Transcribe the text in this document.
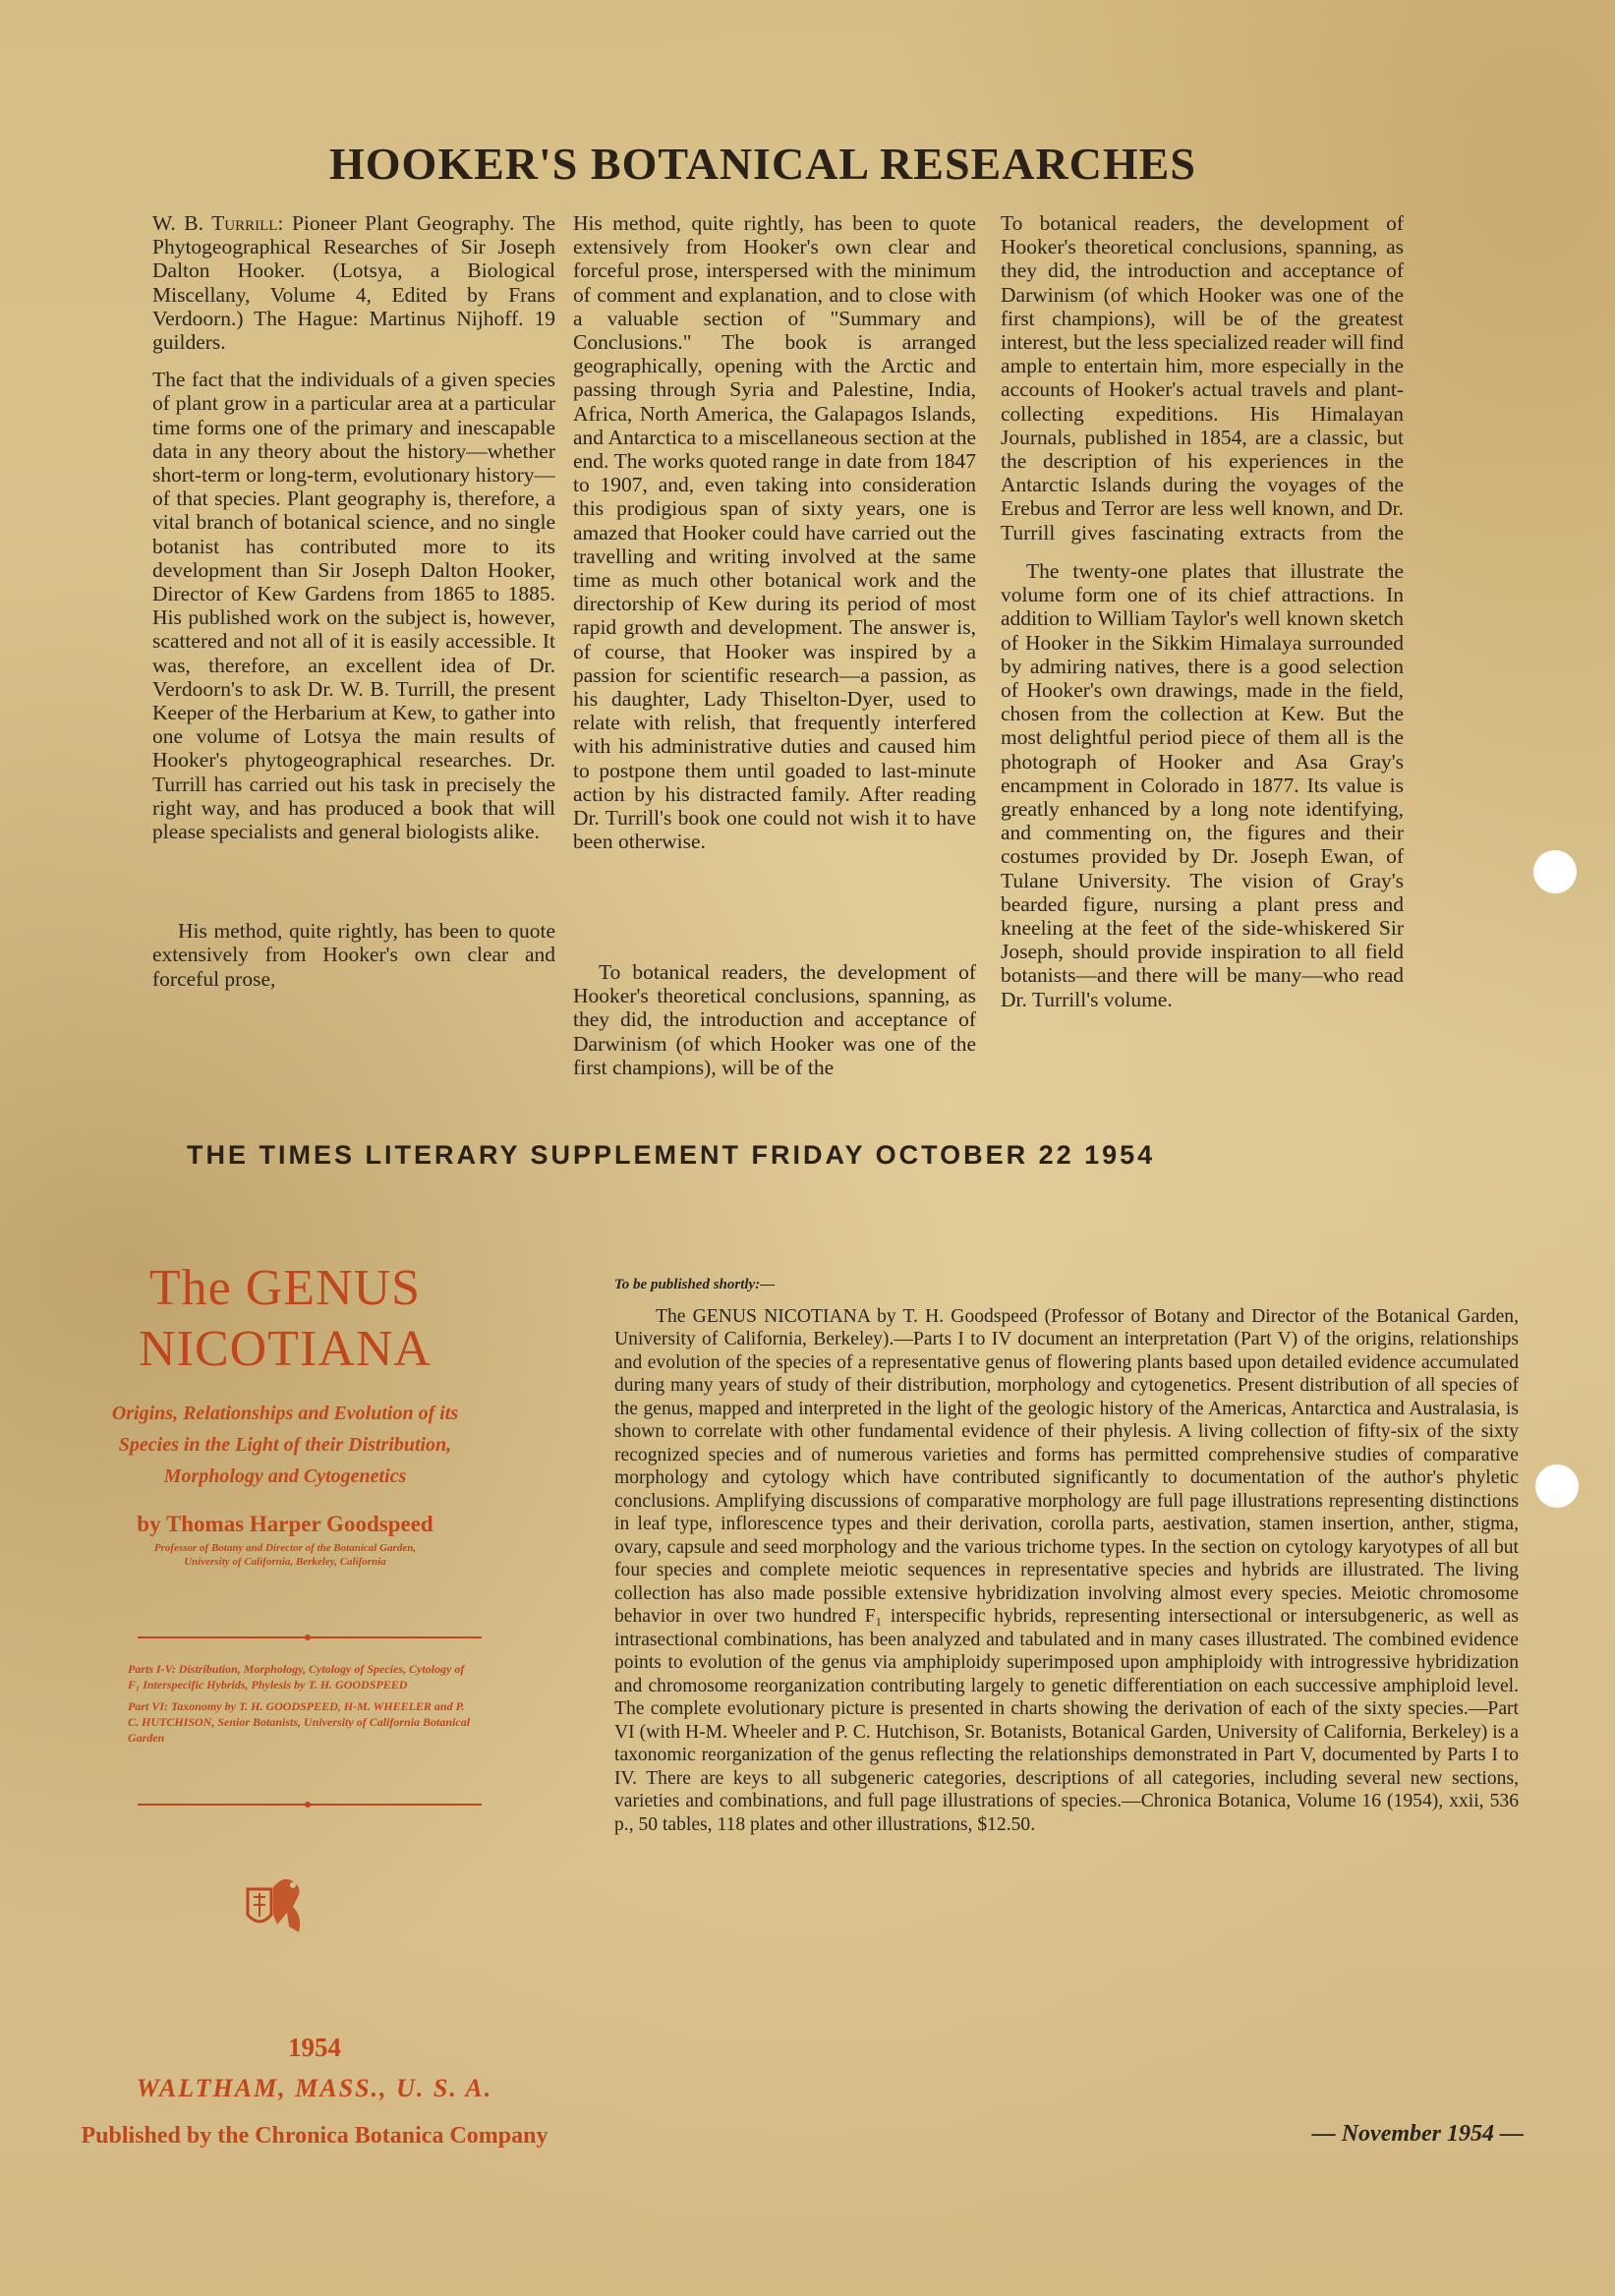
HOOKER'S BOTANICAL RESEARCHES

W. B. Turrill: Pioneer Plant Geography. The Phytogeographical Researches of Sir Joseph Dalton Hooker. (Lotsya, a Biological Miscellany, Volume 4, Edited by Frans Verdoorn.) The Hague: Martinus Nijhoff. 19 guilders.

The fact that the individuals of a given species of plant grow in a particular area at a particular time forms one of the primary and inescapable data in any theory about the history—whether short-term or long-term, evolutionary history—of that species. Plant geography is, therefore, a vital branch of botanical science, and no single botanist has contributed more to its development than Sir Joseph Dalton Hooker, Director of Kew Gardens from 1865 to 1885. His published work on the subject is, however, scattered and not all of it is easily accessible. It was, therefore, an excellent idea of Dr. Verdoorn's to ask Dr. W. B. Turrill, the present Keeper of the Herbarium at Kew, to gather into one volume of Lotsya the main results of Hooker's phytogeographical researches. Dr. Turrill has carried out his task in precisely the right way, and has produced a book that will please specialists and general biologists alike.

His method, quite rightly, has been to quote extensively from Hooker's own clear and forceful prose,

His method, quite rightly, has been to quote extensively from Hooker's own clear and forceful prose, interspersed with the minimum of comment and explanation, and to close with a valuable section of "Summary and Conclusions." The book is arranged geographically, opening with the Arctic and passing through Syria and Palestine, India, Africa, North America, the Galapagos Islands, and Antarctica to a miscellaneous section at the end. The works quoted range in date from 1847 to 1907, and, even taking into consideration this prodigious span of sixty years, one is amazed that Hooker could have carried out the travelling and writing involved at the same time as much other botanical work and the directorship of Kew during its period of most rapid growth and development. The answer is, of course, that Hooker was inspired by a passion for scientific research—a passion, as his daughter, Lady Thiselton-Dyer, used to relate with relish, that frequently interfered with his administrative duties and caused him to postpone them until goaded to last-minute action by his distracted family. After reading Dr. Turrill's book one could not wish it to have been otherwise.

To botanical readers, the development of Hooker's theoretical conclusions, spanning, as they did, the introduction and acceptance of Darwinism (of which Hooker was one of the first champions), will be of the

To botanical readers, the development of Hooker's theoretical conclusions, spanning, as they did, the introduction and acceptance of Darwinism (of which Hooker was one of the first champions), will be of the greatest interest, but the less specialized reader will find ample to entertain him, more especially in the accounts of Hooker's actual travels and plant-collecting expeditions. His Himalayan Journals, published in 1854, are a classic, but the description of his experiences in the Antarctic Islands during the voyages of the Erebus and Terror are less well known, and Dr. Turrill gives fascinating extracts from the

The twenty-one plates that illustrate the volume form one of its chief attractions. In addition to William Taylor's well known sketch of Hooker in the Sikkim Himalaya surrounded by admiring natives, there is a good selection of Hooker's own drawings, made in the field, chosen from the collection at Kew. But the most delightful period piece of them all is the photograph of Hooker and Asa Gray's encampment in Colorado in 1877. Its value is greatly enhanced by a long note identifying, and commenting on, the figures and their costumes provided by Dr. Joseph Ewan, of Tulane University. The vision of Gray's bearded figure, nursing a plant press and kneeling at the feet of the side-whiskered Sir Joseph, should provide inspiration to all field botanists—and there will be many—who read Dr. Turrill's volume.

THE TIMES LITERARY SUPPLEMENT FRIDAY OCTOBER 22 1954
The GENUS
NICOTIANA
Origins, Relationships and Evolution of its
Species in the Light of their Distribution,
Morphology and Cytogenetics
by Thomas Harper Goodspeed
Professor of Botany and Director of the Botanical Garden,
University of California, Berkeley, California

Parts I-V: Distribution, Morphology, Cytology of Species, Cytology of F₁ Interspecific Hybrids, Phylesis by T. H. GOODSPEED

Part VI: Taxonomy by T. H. GOODSPEED, H-M. WHEELER and P. C. HUTCHISON, Senior Botanists, University of California Botanical Garden

1954
WALTHAM, MASS., U. S. A.
Published by the Chronica Botanica Company
To be published shortly:—
The GENUS NICOTIANA by T. H. Goodspeed (Professor of Botany and Director of the Botanical Garden, University of California, Berkeley).—Parts I to IV document an interpretation (Part V) of the origins, relationships and evolution of the species of a representative genus of flowering plants based upon detailed evidence accumulated during many years of study of their distribution, morphology and cytogenetics. Present distribution of all species of the genus, mapped and interpreted in the light of the geologic history of the Americas, Antarctica and Australasia, is shown to correlate with other fundamental evidence of their phylesis. A living collection of fifty-six of the sixty recognized species and of numerous varieties and forms has permitted comprehensive studies of comparative morphology and cytology which have contributed significantly to documentation of the author's phyletic conclusions. Amplifying discussions of comparative morphology are full page illustrations representing distinctions in leaf type, inflorescence types and their derivation, corolla parts, aestivation, stamen insertion, anther, stigma, ovary, capsule and seed morphology and the various trichome types. In the section on cytology karyotypes of all but four species and complete meiotic sequences in representative species and hybrids are illustrated. The living collection has also made possible extensive hybridization involving almost every species. Meiotic chromosome behavior in over two hundred F₁ interspecific hybrids, representing intersectional or intersubgeneric, as well as intrasectional combinations, has been analyzed and tabulated and in many cases illustrated. The combined evidence points to evolution of the genus via amphiploidy superimposed upon amphiploidy with introgressive hybridization and chromosome reorganization contributing largely to genetic differentiation on each successive amphiploid level. The complete evolutionary picture is presented in charts showing the derivation of each of the sixty species.—Part VI (with H-M. Wheeler and P. C. Hutchison, Sr. Botanists, Botanical Garden, University of California, Berkeley) is a taxonomic reorganization of the genus reflecting the relationships demonstrated in Part V, documented by Parts I to IV. There are keys to all subgeneric categories, descriptions of all categories, including several new sections, varieties and combinations, and full page illustrations of species.—Chronica Botanica, Volume 16 (1954), xxii, 536 p., 50 tables, 118 plates and other illustrations, $12.50.
— November 1954 —
